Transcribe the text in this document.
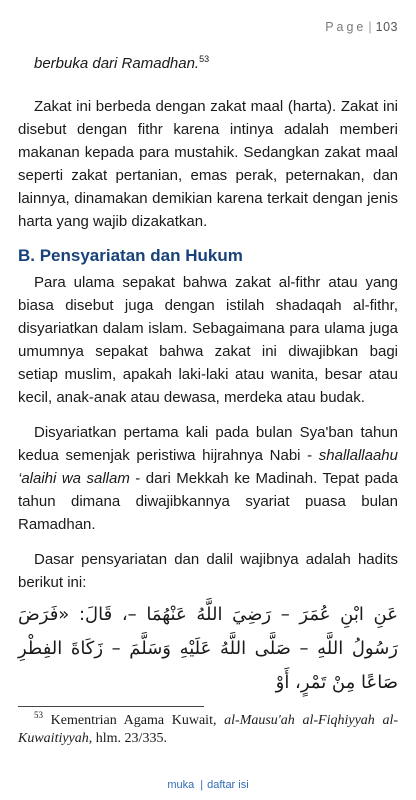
Page | 103

berbuka dari Ramadhan.$^{53}$

Zakat ini berbeda dengan zakat maal (harta). Zakat ini disebut dengan fithr karena intinya adalah memberi makanan kepada para mustahik. Sedangkan zakat maal seperti zakat pertanian, emas perak, peternakan, dan lainnya, dinamakan demikian karena terkait dengan jenis harta yang wajib dizakatkan.

B. Pensyariatan dan Hukum

Para ulama sepakat bahwa zakat al-fithr atau yang biasa disebut juga dengan istilah shadaqah al-fithr, disyariatkan dalam islam. Sebagaimana para ulama juga umumnya sepakat bahwa zakat ini diwajibkan bagi setiap muslim, apakah laki-laki atau wanita, besar atau kecil, anak-anak atau dewasa, merdeka atau budak.

Disyariatkan pertama kali pada bulan Sya'ban tahun kedua semenjak peristiwa hijrahnya Nabi - shallallaahu ‘alaihi wa sallam - dari Mekkah ke Madinah. Tepat pada tahun dimana diwajibkannya syariat puasa bulan Ramadhan.

Dasar pensyariatan dan dalil wajibnya adalah hadits berikut ini:

عَنِ ابْنِ عُمَرَ – رَضِيَ اللَّهُ عَنْهُمَا –، قَالَ: «فَرَضَ رَسُولُ اللَّهِ – صَلَّى اللَّهُ عَلَيْهِ وَسَلَّمَ – زَكَاةَ الفِطْرِ صَاعًا مِنْ تَمْرٍ، أَوْ

$^{53}$ Kementrian Agama Kuwait, al-Mausu'ah al-Fiqhiyyah al-Kuwaitiyyah, hlm. 23/335.
muka | daftar isi
